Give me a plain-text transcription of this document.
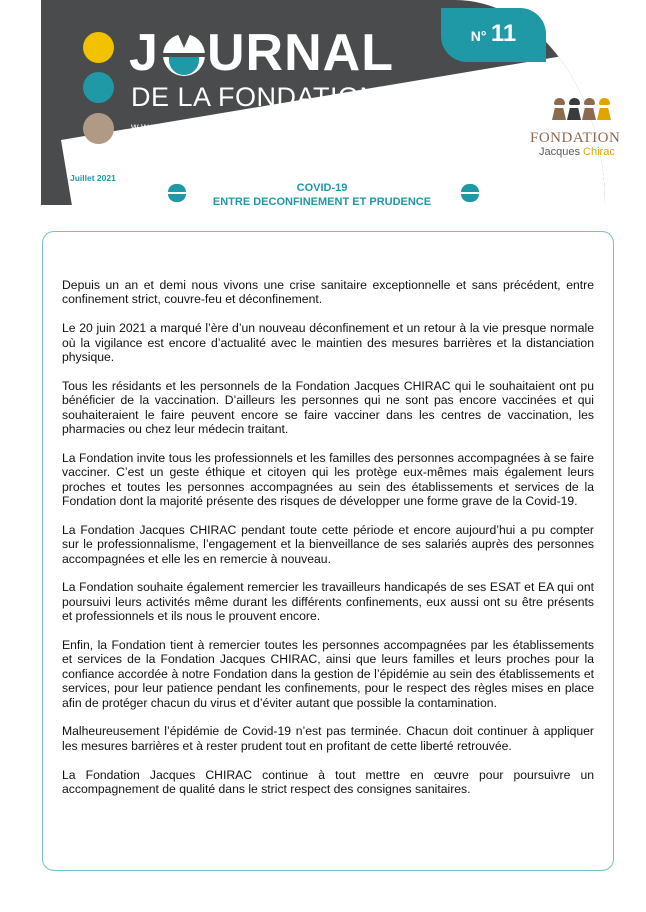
J URNAL
DE LA FONDATION
www.fondationjacqueschirac.fr
N° 11
FONDATION
Jacques Chirac
Juillet 2021
COVID-19
ENTRE DECONFINEMENT ET PRUDENCE

Depuis un an et demi nous vivons une crise sanitaire exceptionnelle et sans précédent, entre confinement strict, couvre-feu et déconfinement.

Le 20 juin 2021 a marqué l’ère d’un nouveau déconfinement et un retour à la vie presque normale où la vigilance est encore d’actualité avec le maintien des mesures barrières et la distanciation physique.

Tous les résidants et les personnels de la Fondation Jacques CHIRAC qui le souhaitaient ont pu bénéficier de la vaccination. D’ailleurs les personnes qui ne sont pas encore vaccinées et qui souhaiteraient le faire peuvent encore se faire vacciner dans les centres de vaccination, les pharmacies ou chez leur médecin traitant.

La Fondation invite tous les professionnels et les familles des personnes accompagnées à se faire vacciner. C’est un geste éthique et citoyen qui les protège eux-mêmes mais également leurs proches et toutes les personnes accompagnées au sein des établissements et services de la Fondation dont la majorité présente des risques de développer une forme grave de la Covid-19.

La Fondation Jacques CHIRAC pendant toute cette période et encore aujourd’hui a pu compter sur le professionnalisme, l’engagement et la bienveillance de ses salariés auprès des personnes accompagnées et elle les en remercie à nouveau.

La Fondation souhaite également remercier les travailleurs handicapés de ses ESAT et EA qui ont poursuivi leurs activités même durant les différents confinements, eux aussi ont su être présents et professionnels et ils nous le prouvent encore.

Enfin, la Fondation tient à remercier toutes les personnes accompagnées par les établissements et services de la Fondation Jacques CHIRAC, ainsi que leurs familles et leurs proches pour la confiance accordée à notre Fondation dans la gestion de l’épidémie au sein des établissements et services, pour leur patience pendant les confinements, pour le respect des règles mises en place afin de protéger chacun du virus et d’éviter autant que possible la contamination.

Malheureusement l’épidémie de Covid-19 n’est pas terminée. Chacun doit continuer à appliquer les mesures barrières et à rester prudent tout en profitant de cette liberté retrouvée.

La Fondation Jacques CHIRAC continue à tout mettre en œuvre pour poursuivre un accompagnement de qualité dans le strict respect des consignes sanitaires.
